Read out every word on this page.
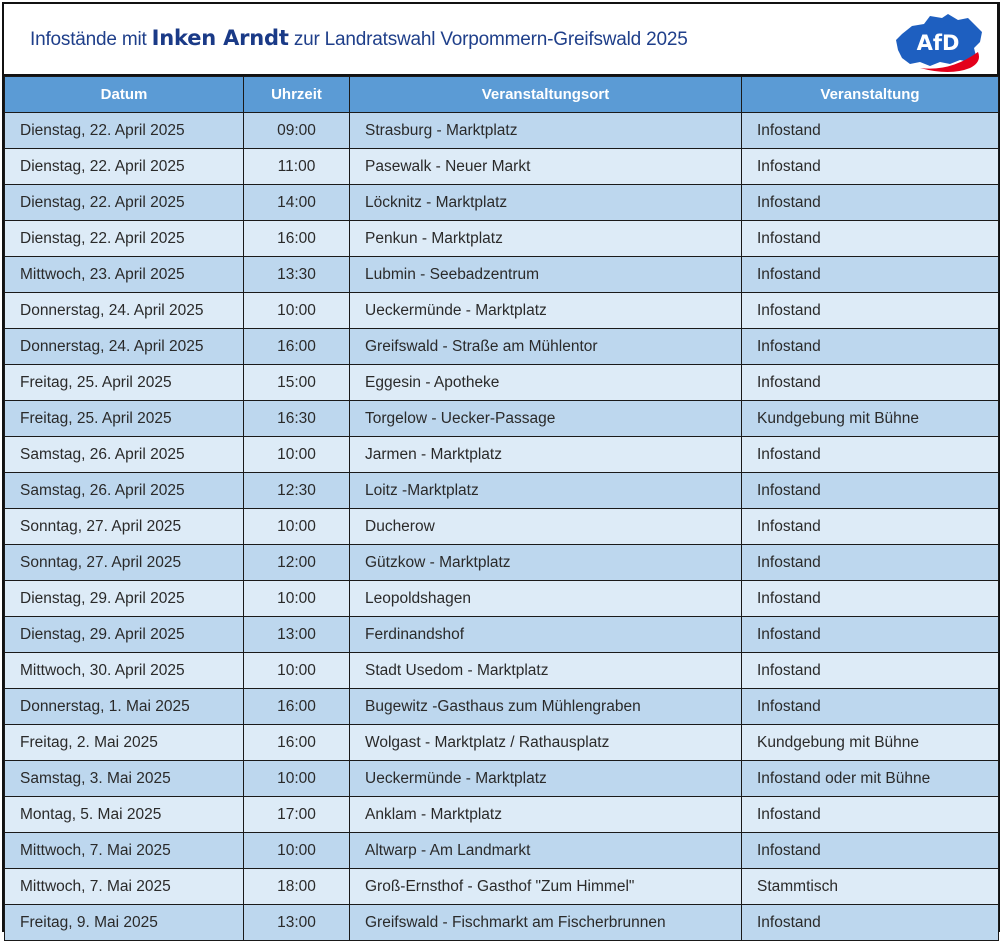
Infostände mit Inken Arndt zur Landratswahl Vorpommern-Greifswald 2025	AfD
Datum	Uhrzeit	Veranstaltungsort	Veranstaltung
Dienstag, 22. April 2025	09:00	Strasburg - Marktplatz	Infostand
Dienstag, 22. April 2025	11:00	Pasewalk - Neuer Markt	Infostand
Dienstag, 22. April 2025	14:00	Löcknitz - Marktplatz	Infostand
Dienstag, 22. April 2025	16:00	Penkun - Marktplatz	Infostand
Mittwoch, 23. April 2025	13:30	Lubmin - Seebadzentrum	Infostand
Donnerstag, 24. April 2025	10:00	Ueckermünde - Marktplatz	Infostand
Donnerstag, 24. April 2025	16:00	Greifswald - Straße am Mühlentor	Infostand
Freitag, 25. April 2025	15:00	Eggesin - Apotheke	Infostand
Freitag, 25. April 2025	16:30	Torgelow - Uecker-Passage	Kundgebung mit Bühne
Samstag, 26. April 2025	10:00	Jarmen - Marktplatz	Infostand
Samstag, 26. April 2025	12:30	Loitz -Marktplatz	Infostand
Sonntag, 27. April 2025	10:00	Ducherow	Infostand
Sonntag, 27. April 2025	12:00	Gützkow - Marktplatz	Infostand
Dienstag, 29. April 2025	10:00	Leopoldshagen	Infostand
Dienstag, 29. April 2025	13:00	Ferdinandshof	Infostand
Mittwoch, 30. April 2025	10:00	Stadt Usedom - Marktplatz	Infostand
Donnerstag, 1. Mai 2025	16:00	Bugewitz -Gasthaus zum Mühlengraben	Infostand
Freitag, 2. Mai 2025	16:00	Wolgast - Marktplatz / Rathausplatz	Kundgebung mit Bühne
Samstag, 3. Mai 2025	10:00	Ueckermünde - Marktplatz	Infostand oder mit Bühne
Montag, 5. Mai 2025	17:00	Anklam - Marktplatz	Infostand
Mittwoch, 7. Mai 2025	10:00	Altwarp - Am Landmarkt	Infostand
Mittwoch, 7. Mai 2025	18:00	Groß-Ernsthof - Gasthof "Zum Himmel"	Stammtisch
Freitag, 9. Mai 2025	13:00	Greifswald - Fischmarkt am Fischerbrunnen	Infostand
